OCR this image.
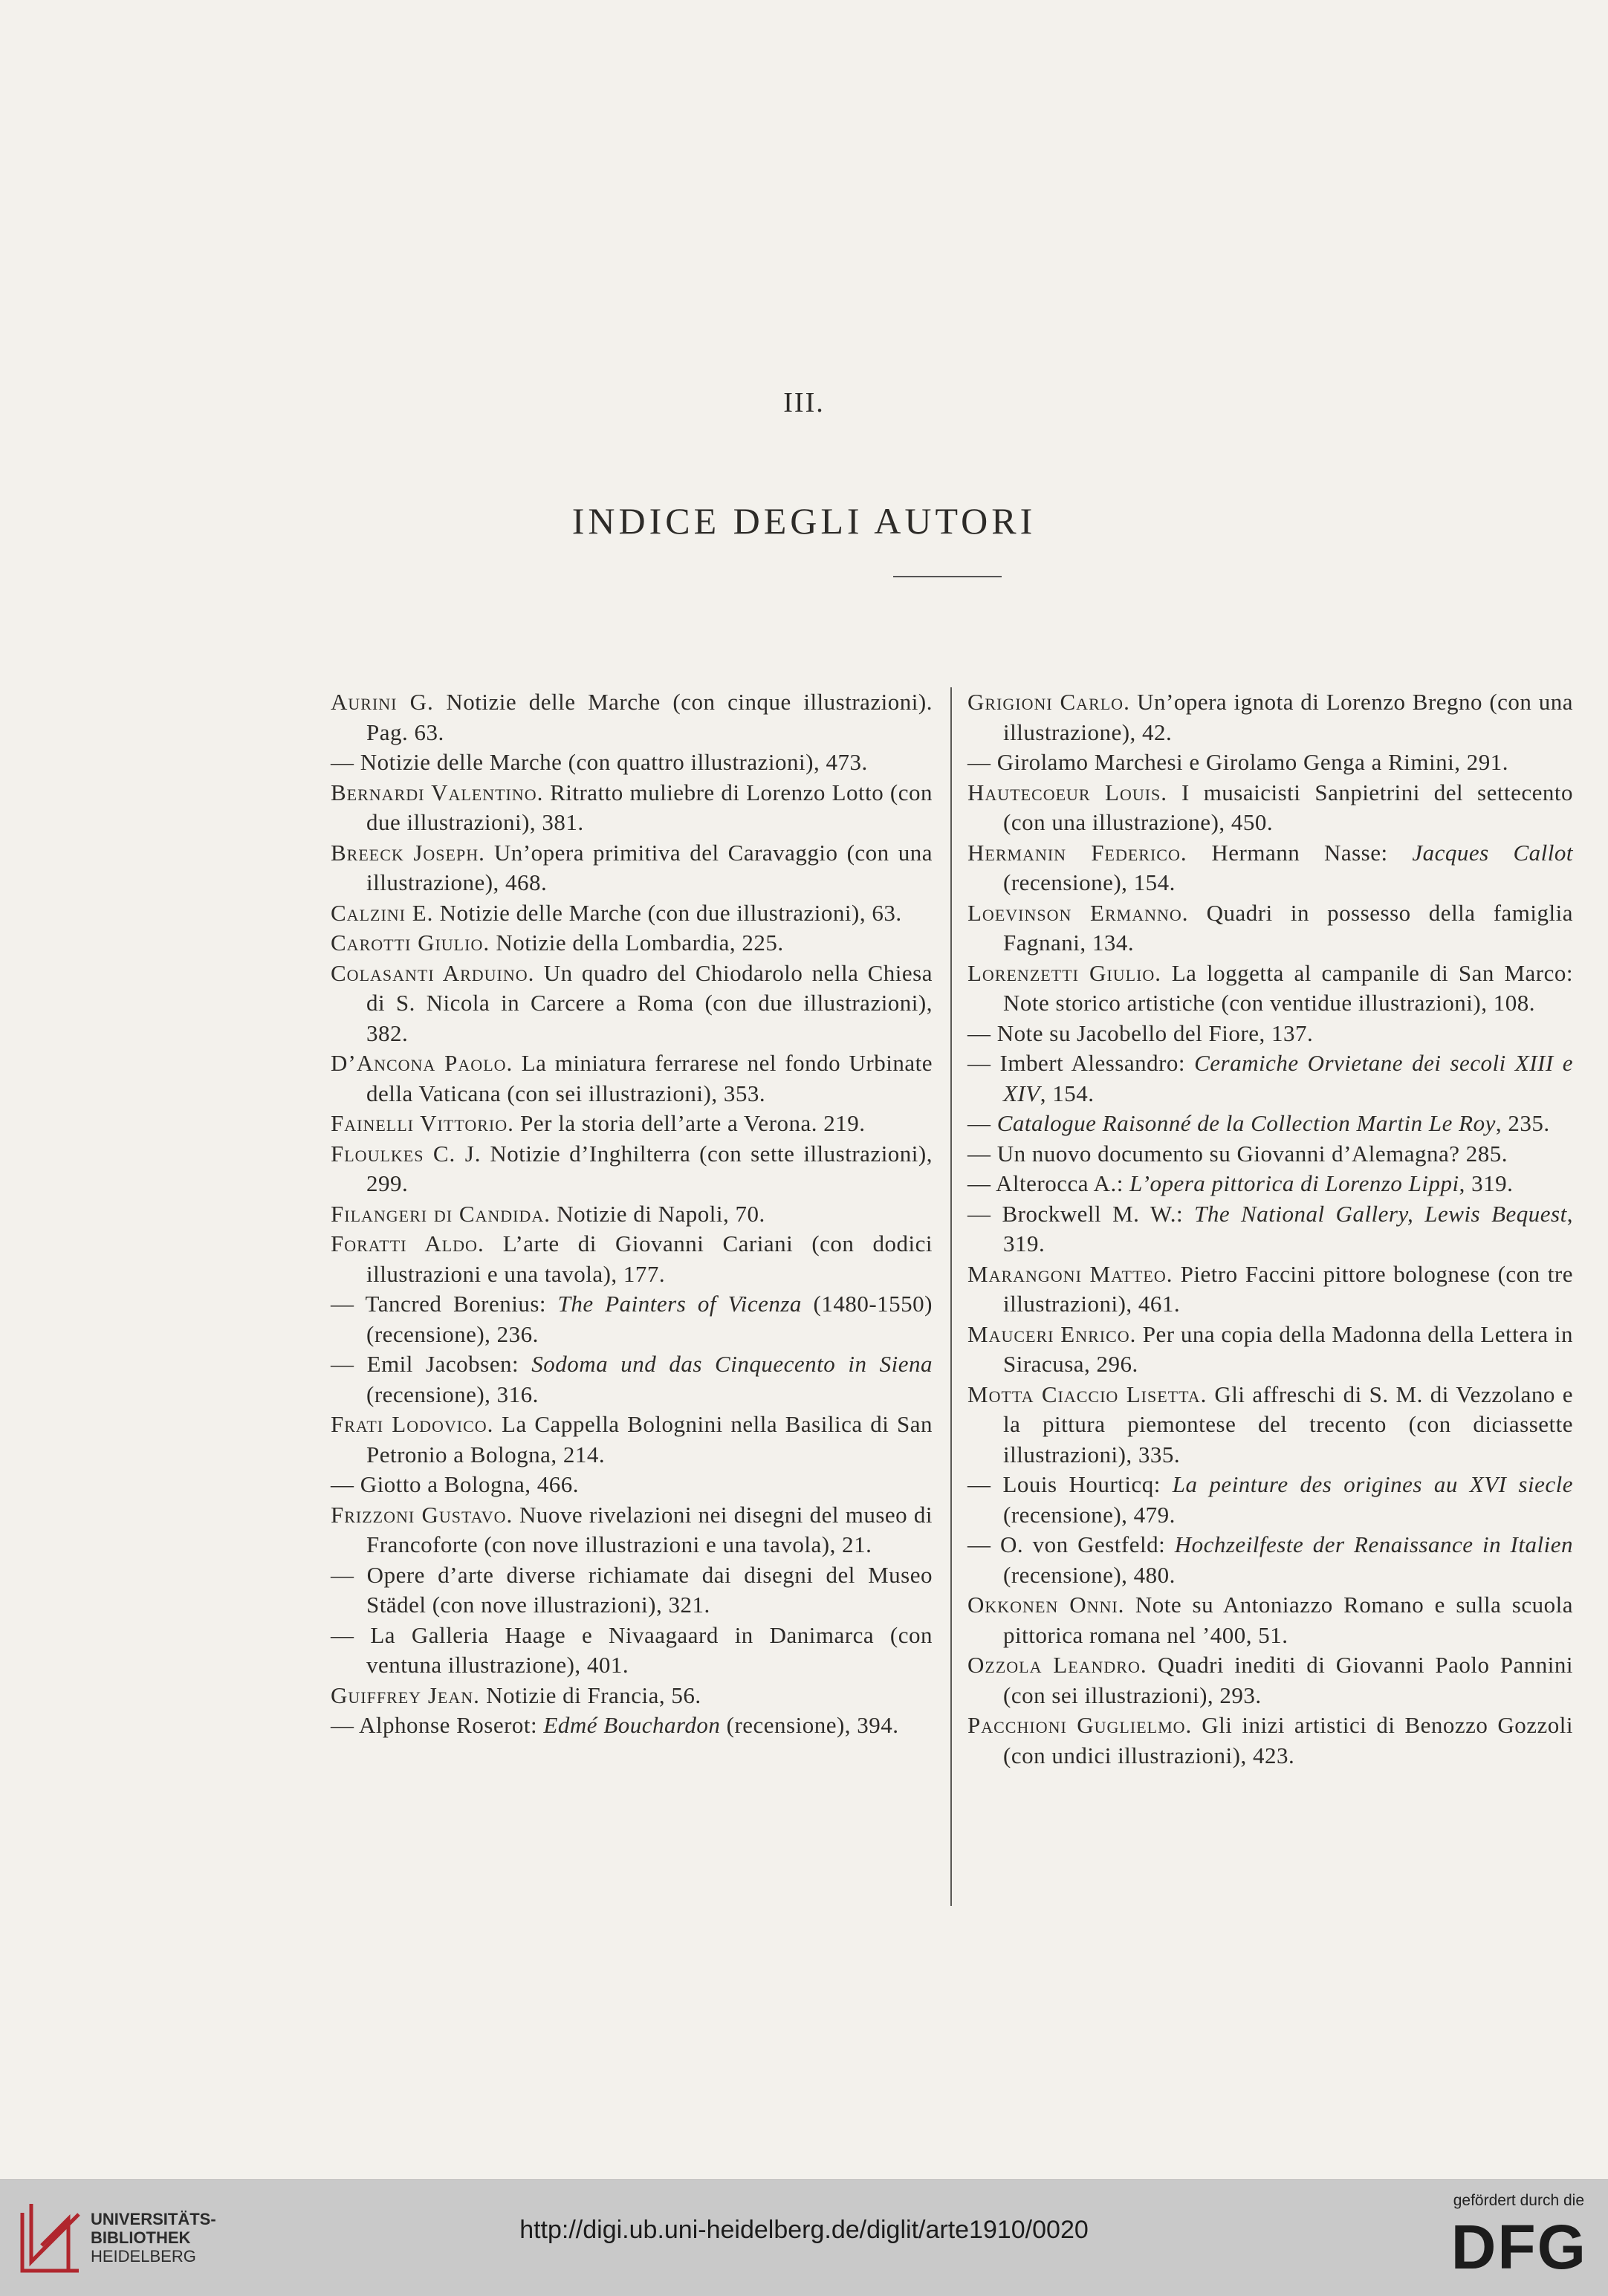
III.
INDICE DEGLI AUTORI

Aurini G. Notizie delle Marche (con cinque illustrazioni). Pag. 63.

— Notizie delle Marche (con quattro illustrazioni), 473.

Bernardi Valentino. Ritratto muliebre di Lorenzo Lotto (con due illustrazioni), 381.

Breeck Joseph. Un’opera primitiva del Caravaggio (con una illustrazione), 468.

Calzini E. Notizie delle Marche (con due illustrazioni), 63.

Carotti Giulio. Notizie della Lombardia, 225.

Colasanti Arduino. Un quadro del Chiodarolo nella Chiesa di S. Nicola in Carcere a Roma (con due illustrazioni), 382.

D’Ancona Paolo. La miniatura ferrarese nel fondo Urbinate della Vaticana (con sei illustrazioni), 353.

Fainelli Vittorio. Per la storia dell’arte a Verona. 219.

Floulkes C. J. Notizie d’Inghilterra (con sette illustrazioni), 299.

Filangeri di Candida. Notizie di Napoli, 70.

Foratti Aldo. L’arte di Giovanni Cariani (con dodici illustrazioni e una tavola), 177.

— Tancred Borenius: The Painters of Vicenza (1480-1550) (recensione), 236.

— Emil Jacobsen: Sodoma und das Cinquecento in Siena (recensione), 316.

Frati Lodovico. La Cappella Bolognini nella Basilica di San Petronio a Bologna, 214.

— Giotto a Bologna, 466.

Frizzoni Gustavo. Nuove rivelazioni nei disegni del museo di Francoforte (con nove illustrazioni e una tavola), 21.

— Opere d’arte diverse richiamate dai disegni del Museo Städel (con nove illustrazioni), 321.

— La Galleria Haage e Nivaagaard in Danimarca (con ventuna illustrazione), 401.

Guiffrey Jean. Notizie di Francia, 56.

— Alphonse Roserot: Edmé Bouchardon (recensione), 394.

Grigioni Carlo. Un’opera ignota di Lorenzo Bregno (con una illustrazione), 42.

— Girolamo Marchesi e Girolamo Genga a Rimini, 291.

Hautecoeur Louis. I musaicisti Sanpietrini del settecento (con una illustrazione), 450.

Hermanin Federico. Hermann Nasse: Jacques Callot (recensione), 154.

Loevinson Ermanno. Quadri in possesso della famiglia Fagnani, 134.

Lorenzetti Giulio. La loggetta al campanile di San Marco: Note storico artistiche (con ventidue illustrazioni), 108.

— Note su Jacobello del Fiore, 137.

— Imbert Alessandro: Ceramiche Orvietane dei secoli XIII e XIV, 154.

— Catalogue Raisonné de la Collection Martin Le Roy, 235.

— Un nuovo documento su Giovanni d’Alemagna? 285.

— Alterocca A.: L’opera pittorica di Lorenzo Lippi, 319.

— Brockwell M. W.: The National Gallery, Lewis Bequest, 319.

Marangoni Matteo. Pietro Faccini pittore bolognese (con tre illustrazioni), 461.

Mauceri Enrico. Per una copia della Madonna della Lettera in Siracusa, 296.

Motta Ciaccio Lisetta. Gli affreschi di S. M. di Vezzolano e la pittura piemontese del trecento (con diciassette illustrazioni), 335.

— Louis Hourticq: La peinture des origines au XVI siecle (recensione), 479.

— O. von Gestfeld: Hochzeilfeste der Renaissance in Italien (recensione), 480.

Okkonen Onni. Note su Antoniazzo Romano e sulla scuola pittorica romana nel ’400, 51.

Ozzola Leandro. Quadri inediti di Giovanni Paolo Pannini (con sei illustrazioni), 293.

Pacchioni Guglielmo. Gli inizi artistici di Benozzo Gozzoli (con undici illustrazioni), 423.

UNIVERSITÄTS-
BIBLIOTHEK
HEIDELBERG
http://digi.ub.uni-heidelberg.de/diglit/arte1910/0020
gefördert durch die
DFG
